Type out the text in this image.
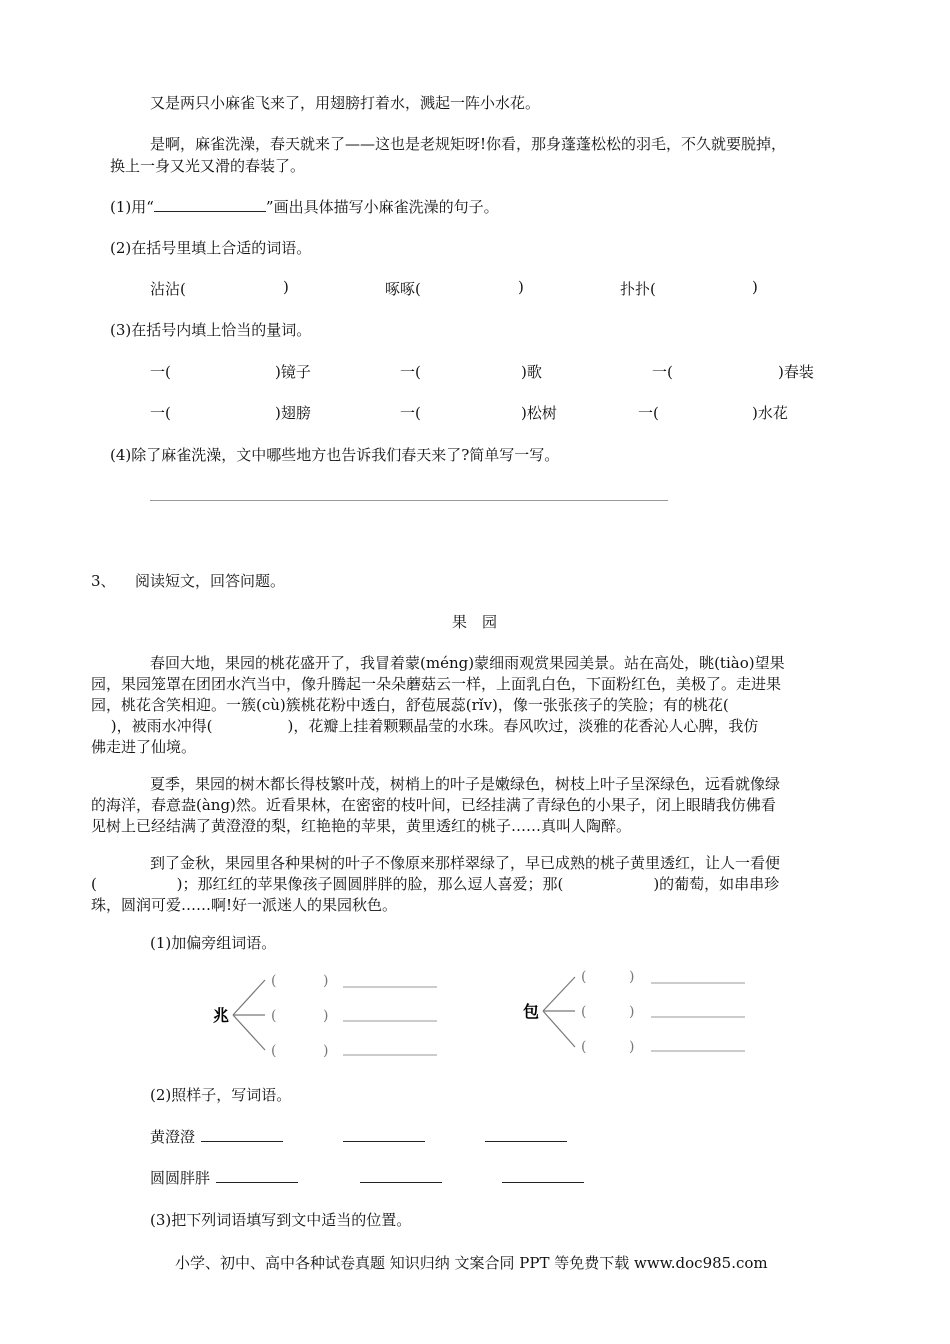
又是两只小麻雀飞来了，用翅膀打着水，溅起一阵小水花。
是啊，麻雀洗澡，春天就来了——这也是老规矩呀!你看，那身蓬蓬松松的羽毛，不久就要脱掉，
换上一身又光又滑的春装了。
(1)用“	”画出具体描写小麻雀洗澡的句子。
(2)在括号里填上合适的词语。
沾沾(	)	啄啄(	)	扑扑(	)
(3)在括号内填上恰当的量词。
一(	)镜子	一(	)歌	一(	)春装
一(	)翅膀	一(	)松树	一(	)水花
(4)除了麻雀洗澡，文中哪些地方也告诉我们春天来了?简单写一写。
3、 阅读短文，回答问题。
果　园
春回大地，果园的桃花盛开了，我冒着蒙(méng)蒙细雨观赏果园美景。站在高处，眺(tiào)望果
园，果园笼罩在团团水汽当中，像升腾起一朵朵蘑菇云一样，上面乳白色，下面粉红色，美极了。走进果
园，桃花含笑相迎。一簇(cù)簇桃花粉中透白，舒苞展蕊(rǐv)，像一张张孩子的笑脸；有的桃花(
　 )，被雨水冲得(　　　　　)，花瓣上挂着颗颗晶莹的水珠。春风吹过，淡雅的花香沁人心脾，我仿
佛走进了仙境。
夏季，果园的树木都长得枝繁叶茂，树梢上的叶子是嫩绿色，树枝上叶子呈深绿色，远看就像绿
的海洋，春意盎(àng)然。近看果林，在密密的枝叶间，已经挂满了青绿色的小果子，闭上眼睛我仿佛看
见树上已经结满了黄澄澄的梨，红艳艳的苹果，黄里透红的桃子……真叫人陶醉。
到了金秋，果园里各种果树的叶子不像原来那样翠绿了，早已成熟的桃子黄里透红，让人一看便
(　　　　　 )；那红红的苹果像孩子圆圆胖胖的脸，那么逗人喜爱；那(　　　　　　)的葡萄，如串串珍
珠，圆润可爱……啊!好一派迷人的果园秋色。
(1)加偏旁组词语。
兆
(	)
(	)
(	)
包
(	)
(	)
(	)
(2)照样子，写词语。
黄澄澄
圆圆胖胖
(3)把下列词语填写到文中适当的位置。
小学、初中、高中各种试卷真题 知识归纳 文案合同 PPT 等免费下载 www.doc985.com
